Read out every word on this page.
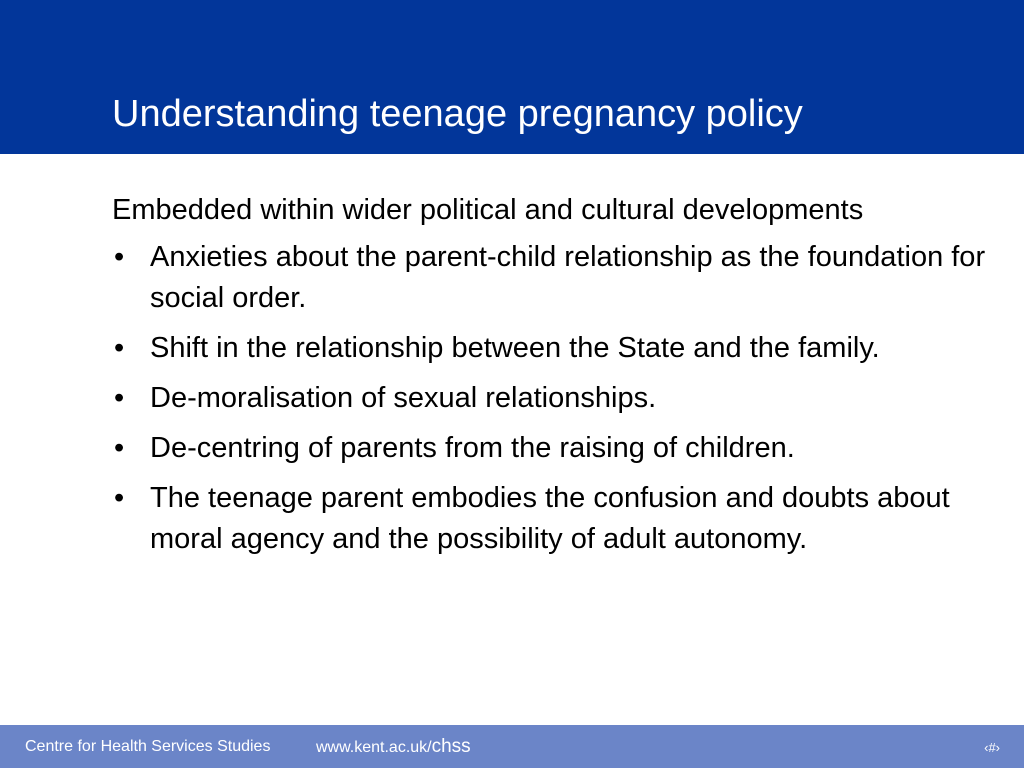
Understanding teenage pregnancy policy

Embedded within wider political and cultural developments

• Anxieties about the parent-child relationship as the foundation for social order.
• Shift in the relationship between the State and the family.
• De-moralisation of sexual relationships.
• De-centring of parents from the raising of children.
• The teenage parent embodies the confusion and doubts about moral agency and the possibility of adult autonomy.
Centre for Health Services Studies	www.kent.ac.uk/chss	‹#›
